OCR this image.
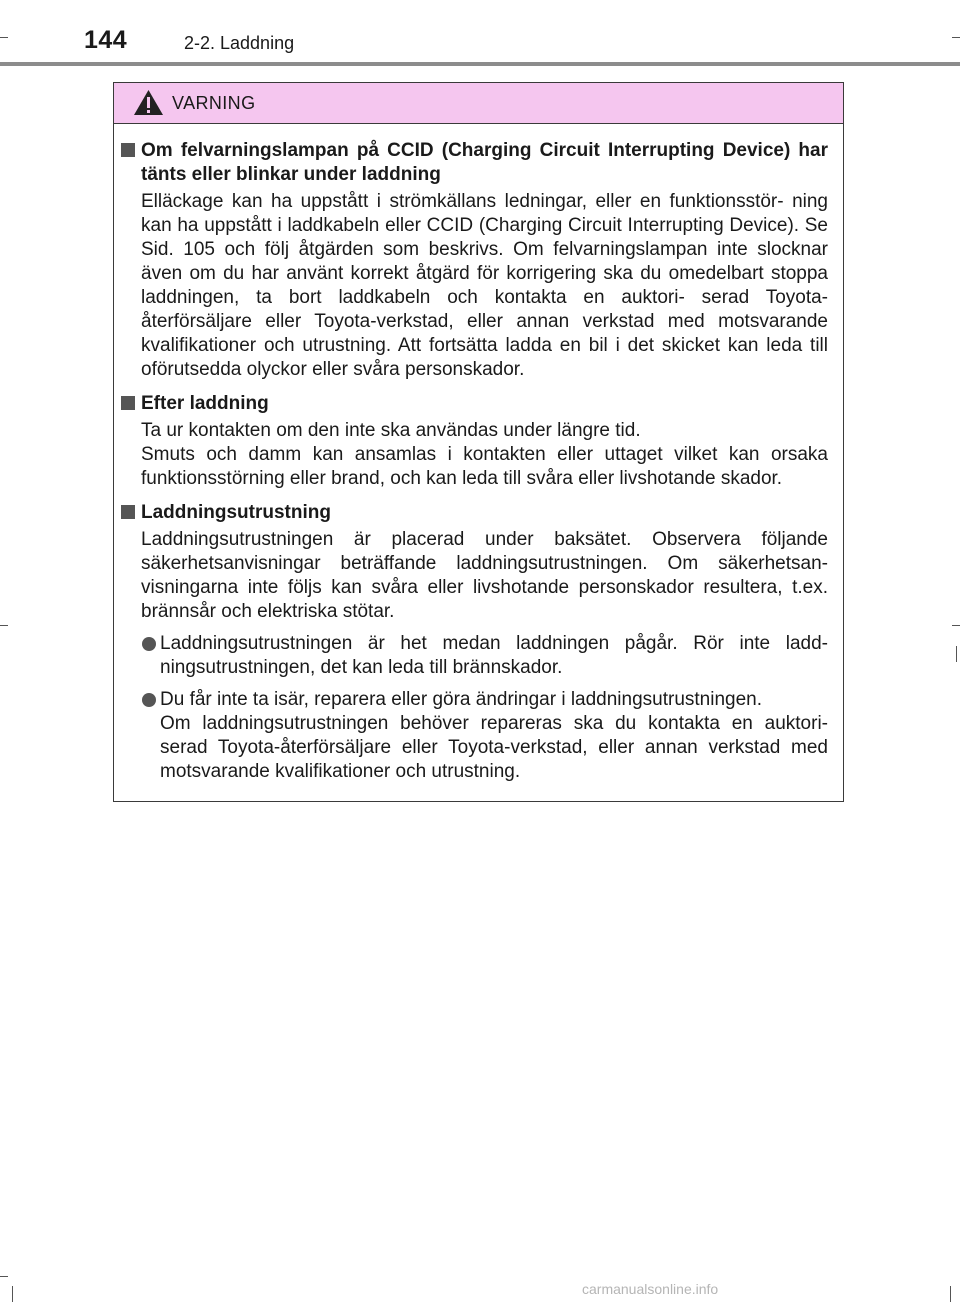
144	2-2. Laddning
VARNING
Om felvarningslampan på CCID (Charging Circuit Interrupting Device) har tänts eller blinkar under laddning

Elläckage kan ha uppstått i strömkällans ledningar, eller en funktionsstör- ning kan ha uppstått i laddkabeln eller CCID (Charging Circuit Interrupting Device). Se Sid. 105 och följ åtgärden som beskrivs. Om felvarningslampan inte slocknar även om du har använt korrekt åtgärd för korrigering ska du omedelbart stoppa laddningen, ta bort laddkabeln och kontakta en auktori- serad Toyota-återförsäljare eller Toyota-verkstad, eller annan verkstad med motsvarande kvalifikationer och utrustning. Att fortsätta ladda en bil i det skicket kan leda till oförutsedda olyckor eller svåra personskador.

Efter laddning

Ta ur kontakten om den inte ska användas under längre tid.

Smuts och damm kan ansamlas i kontakten eller uttaget vilket kan orsaka funktionsstörning eller brand, och kan leda till svåra eller livshotande skador.

Laddningsutrustning

Laddningsutrustningen är placerad under baksätet. Observera följande säkerhetsanvisningar beträffande laddningsutrustningen. Om säkerhetsan- visningarna inte följs kan svåra eller livshotande personskador resultera, t.ex. brännsår och elektriska stötar.

Laddningsutrustningen är het medan laddningen pågår. Rör inte ladd- ningsutrustningen, det kan leda till brännskador.

Du får inte ta isär, reparera eller göra ändringar i laddningsutrustningen.

Om laddningsutrustningen behöver repareras ska du kontakta en auktori- serad Toyota-återförsäljare eller Toyota-verkstad, eller annan verkstad med motsvarande kvalifikationer och utrustning.

carmanualsonline.info
